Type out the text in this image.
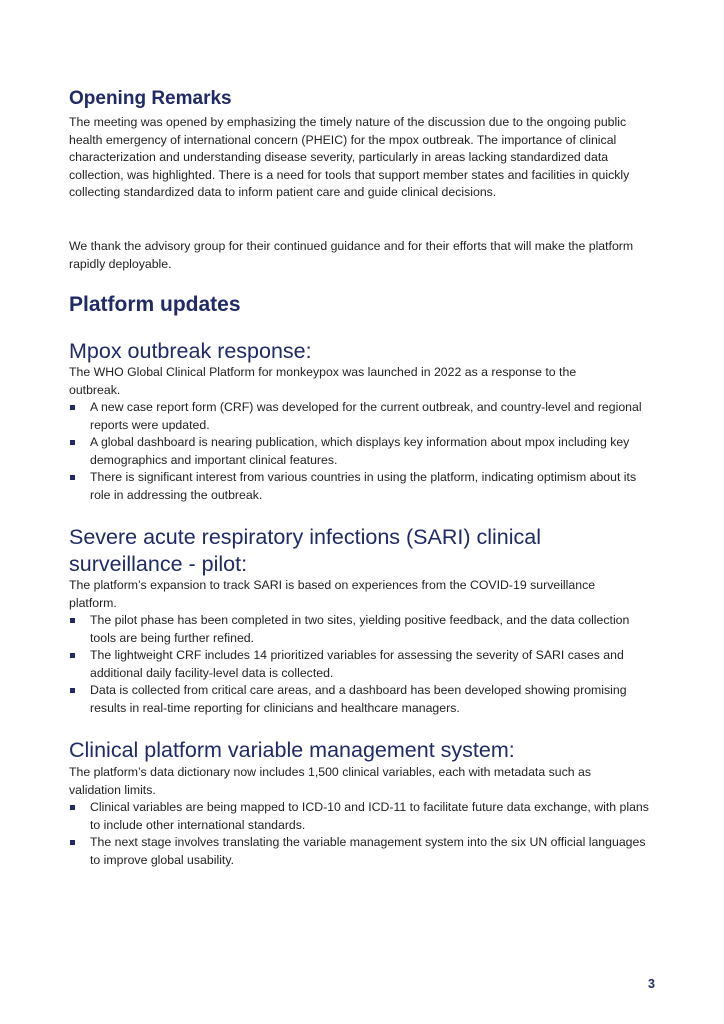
Opening Remarks

The meeting was opened by emphasizing the timely nature of the discussion due to the ongoing public health emergency of international concern (PHEIC) for the mpox outbreak. The importance of clinical characterization and understanding disease severity, particularly in areas lacking standardized data collection, was highlighted. There is a need for tools that support member states and facilities in quickly collecting standardized data to inform patient care and guide clinical decisions.

We thank the advisory group for their continued guidance and for their efforts that will make the platform rapidly deployable.

Platform updates
Mpox outbreak response:

The WHO Global Clinical Platform for monkeypox was launched in 2022 as a response to the outbreak.

A new case report form (CRF) was developed for the current outbreak, and country-level and regional reports were updated.
A global dashboard is nearing publication, which displays key information about mpox including key demographics and important clinical features.
There is significant interest from various countries in using the platform, indicating optimism about its role in addressing the outbreak.
Severe acute respiratory infections (SARI) clinical surveillance - pilot:

The platform’s expansion to track SARI is based on experiences from the COVID-19 surveillance platform.

The pilot phase has been completed in two sites, yielding positive feedback, and the data collection tools are being further refined.
The lightweight CRF includes 14 prioritized variables for assessing the severity of SARI cases and additional daily facility-level data is collected.
Data is collected from critical care areas, and a dashboard has been developed showing promising results in real-time reporting for clinicians and healthcare managers.
Clinical platform variable management system:

The platform’s data dictionary now includes 1,500 clinical variables, each with metadata such as validation limits.

Clinical variables are being mapped to ICD-10 and ICD-11 to facilitate future data exchange, with plans to include other international standards.
The next stage involves translating the variable management system into the six UN official languages to improve global usability.
3
